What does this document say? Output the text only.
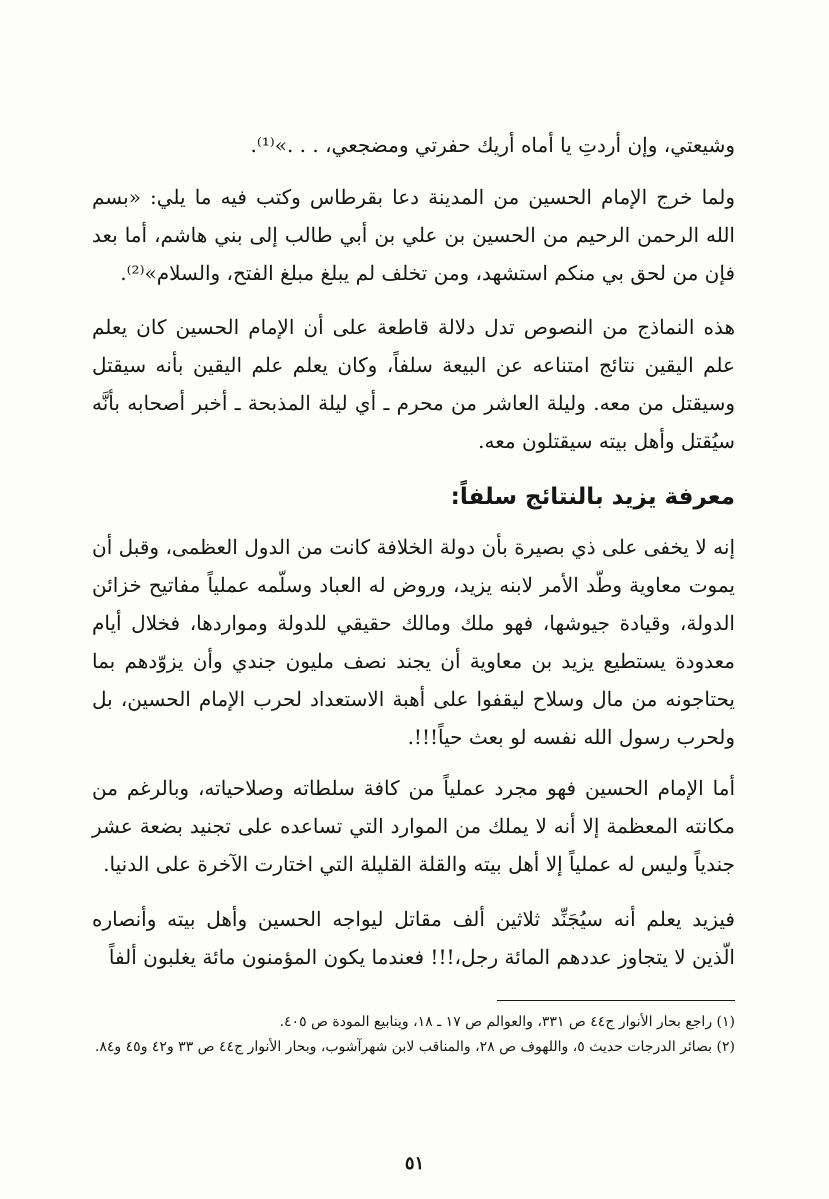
وشيعتي، وإن أردتِ يا أماه أريك حفرتي ومضجعي، . . .»⁽¹⁾.

ولما خرج الإمام الحسين من المدينة دعا بقرطاس وكتب فيه ما يلي: «بسم الله الرحمن الرحيم من الحسين بن علي بن أبي طالب إلى بني هاشم، أما بعد فإن من لحق بي منكم استشهد، ومن تخلف لم يبلغ مبلغ الفتح، والسلام»⁽²⁾.

هذه النماذج من النصوص تدل دلالة قاطعة على أن الإمام الحسين كان يعلم علم اليقين نتائج امتناعه عن البيعة سلفاً، وكان يعلم علم اليقين بأنه سيقتل وسيقتل من معه. وليلة العاشر من محرم ـ أي ليلة المذبحة ـ أخبر أصحابه بأنَّه سيُقتل وأهل بيته سيقتلون معه.

معرفة يزيد بالنتائج سلفاً:

إنه لا يخفى على ذي بصيرة بأن دولة الخلافة كانت من الدول العظمى، وقبل أن يموت معاوية وطّد الأمر لابنه يزيد، وروض له العباد وسلّمه عملياً مفاتيح خزائن الدولة، وقيادة جيوشها، فهو ملك ومالك حقيقي للدولة ومواردها، فخلال أيام معدودة يستطيع يزيد بن معاوية أن يجند نصف مليون جندي وأن يزوّدهم بما يحتاجونه من مال وسلاح ليقفوا على أهبة الاستعداد لحرب الإمام الحسين، بل ولحرب رسول الله نفسه لو بعث حياً!!!.

أما الإمام الحسين فهو مجرد عملياً من كافة سلطاته وصلاحياته، وبالرغم من مكانته المعظمة إلا أنه لا يملك من الموارد التي تساعده على تجنيد بضعة عشر جندياً وليس له عملياً إلا أهل بيته والقلة القليلة التي اختارت الآخرة على الدنيا.

فيزيد يعلم أنه سيُجَنِّد ثلاثين ألف مقاتل ليواجه الحسين وأهل بيته وأنصاره الّذين لا يتجاوز عددهم المائة رجل،!!! فعندما يكون المؤمنون مائة يغلبون ألفاً

(١) راجع بحار الأنوار ج٤٤ ص ٣٣١، والعوالم ص ١٧ ـ ١٨، وينابيع المودة ص ٤٠٥.

(٢) بصائر الدرجات حديث ٥، واللهوف ص ٢٨، والمناقب لابن شهرآشوب، وبحار الأنوار ج٤٤ ص ٣٣ و٤٢ و٤٥ و٨٤.

٥١
